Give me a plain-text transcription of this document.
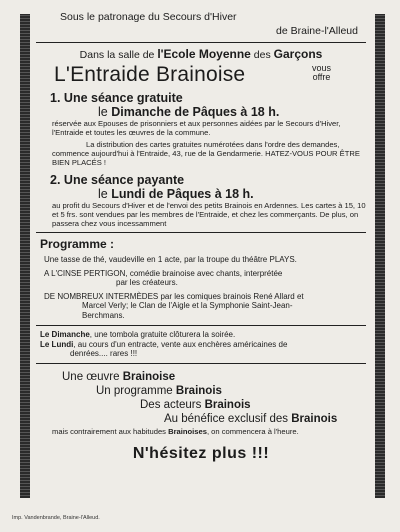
Sous le patronage du Secours d'Hiver
de Braine-l'Alleud
Dans la salle de l'Ecole Moyenne des Garçons
L'Entraide Brainoise	vous
offre
1. Une séance gratuite
le Dimanche de Pâques à 18 h.
réservée aux Epouses de prisonniers et aux personnes aidées par le Secours d'Hiver, l'Entraide et toutes les œuvres de la commune.
La distribution des cartes gratuites numérotées dans l'ordre des demandes, commence aujourd'hui à l'Entraide, 43, rue de la Gendarmerie. HATEZ-VOUS POUR ÊTRE BIEN PLACÉS !
2. Une séance payante
le Lundi de Pâques à 18 h.
au profit du Secours d'Hiver et de l'envoi des petits Brainois en Ardennes. Les cartes à 15, 10 et 5 frs. sont vendues par les membres de l'Entraide, et chez les commerçants. De plus, on passera chez vous incessamment
Programme :
Une tasse de thé, vaudeville en 1 acte, par la troupe du théâtre PLAYS.
A L'CINSE PERTIGON, comédie brainoise avec chants, interprétée
par les créateurs.
DE NOMBREUX INTERMÈDES par les comiques brainois René Allard et
Marcel Verly; le Clan de l'Aigle et la Symphonie Saint-Jean-
Berchmans.
Le Dimanche, une tombola gratuite clôturera la soirée.
Le Lundi, au cours d'un entracte, vente aux enchères américaines de
denrées.... rares !!!
Une œuvre Brainoise
Un programme Brainois
Des acteurs Brainois
Au bénéfice exclusif des Brainois
mais contrairement aux habitudes Brainoises, on commencera à l'heure.
N'hésitez plus !!!
Imp. Vandenbrande, Braine-l'Alleud.
